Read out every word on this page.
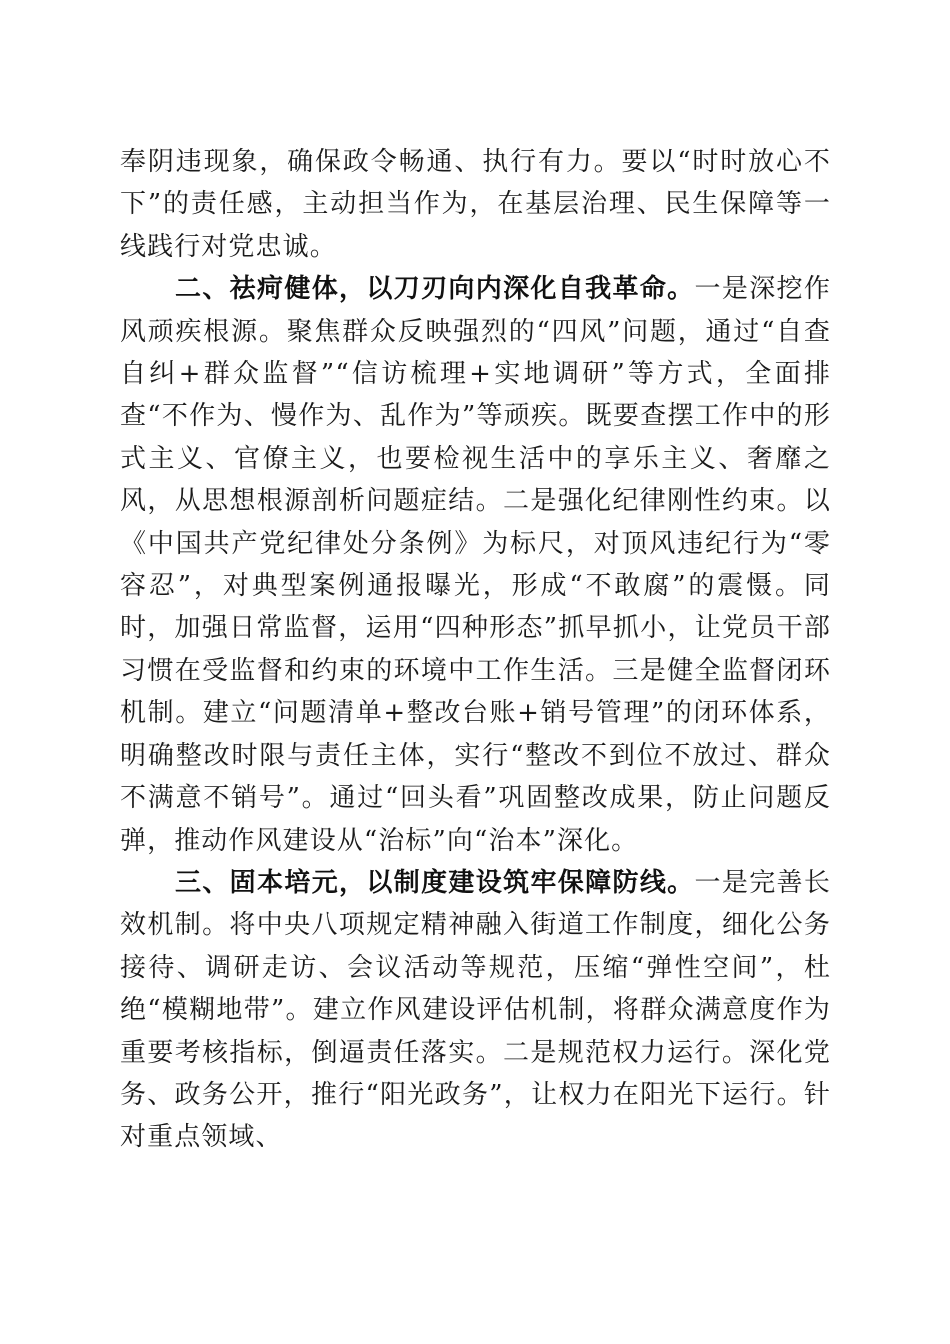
奉阴违现象，确保政令畅通、执行有力。要以“时时放心不下”的责任感，主动担当作为，在基层治理、民生保障等一线践行对党忠诚。

二、祛疴健体，以刀刃向内深化自我革命。一是深挖作风顽疾根源。聚焦群众反映强烈的“四风”问题，通过“自查自纠+群众监督”“信访梳理+实地调研”等方式，全面排查“不作为、慢作为、乱作为”等顽疾。既要查摆工作中的形式主义、官僚主义，也要检视生活中的享乐主义、奢靡之风，从思想根源剖析问题症结。二是强化纪律刚性约束。以《中国共产党纪律处分条例》为标尺，对顶风违纪行为“零容忍”，对典型案例通报曝光，形成“不敢腐”的震慑。同时，加强日常监督，运用“四种形态”抓早抓小，让党员干部习惯在受监督和约束的环境中工作生活。三是健全监督闭环机制。建立“问题清单+整改台账+销号管理”的闭环体系，明确整改时限与责任主体，实行“整改不到位不放过、群众不满意不销号”。通过“回头看”巩固整改成果，防止问题反弹，推动作风建设从“治标”向“治本”深化。

三、固本培元，以制度建设筑牢保障防线。一是完善长效机制。将中央八项规定精神融入街道工作制度，细化公务接待、调研走访、会议活动等规范，压缩“弹性空间”，杜绝“模糊地带”。建立作风建设评估机制，将群众满意度作为重要考核指标，倒逼责任落实。二是规范权力运行。深化党务、政务公开，推行“阳光政务”，让权力在阳光下运行。针对重点领域、
